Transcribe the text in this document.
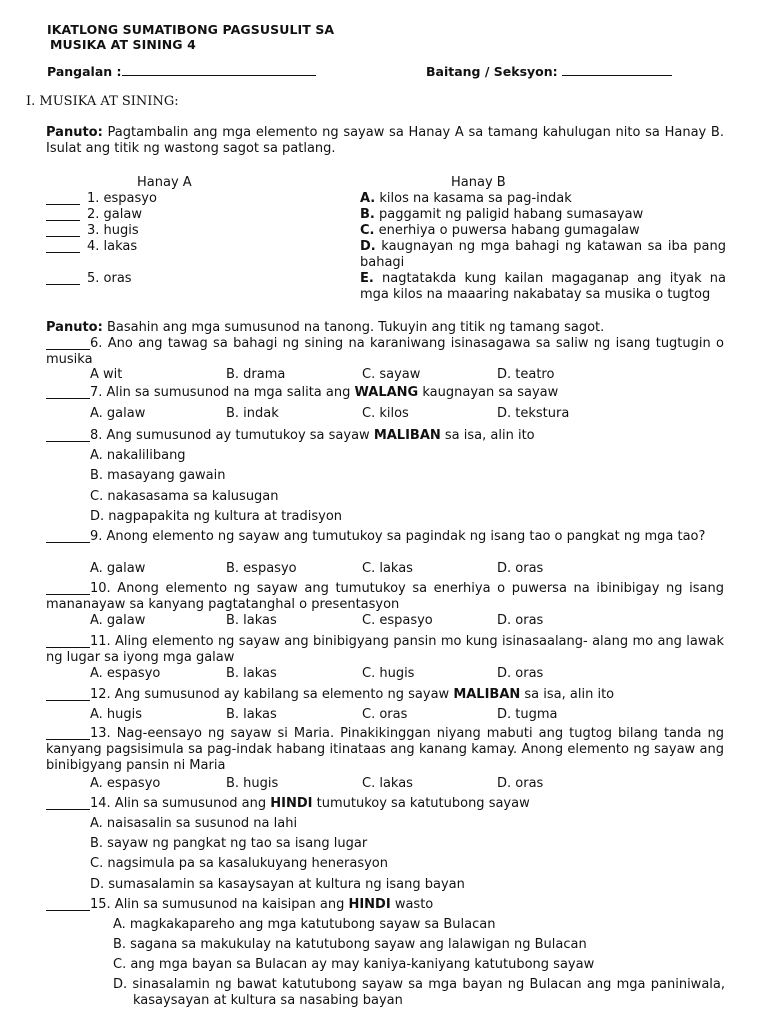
IKATLONG SUMATIBONG PAGSUSULIT SA
MUSIKA AT SINING 4
Pangalan :	Baitang / Seksyon:
I. MUSIKA AT SINING:
Panuto: Pagtambalin ang mga elemento ng sayaw sa Hanay A sa tamang kahulugan nito sa Hanay B. Isulat ang titik ng wastong sagot sa patlang.
Hanay A	Hanay B
1. espasyo	A. kilos na kasama sa pag-indak
2. galaw	B. paggamit ng paligid habang sumasayaw
3. hugis	C. enerhiya o puwersa habang gumagalaw
4. lakas	D. kaugnayan ng mga bahagi ng katawan sa iba pang bahagi
5. oras	E. nagtatakda kung kailan magaganap ang ityak na mga kilos na maaaring nakabatay sa musika o tugtog
Panuto: Basahin ang mga sumusunod na tanong. Tukuyin ang titik ng tamang sagot.
6. Ano ang tawag sa bahagi ng sining na karaniwang isinasagawa sa saliw ng isang tugtugin o musika
A wit	B. drama	C. sayaw	D. teatro
7. Alin sa sumusunod na mga salita ang WALANG kaugnayan sa sayaw
A. galaw	B. indak	C. kilos	D. tekstura
8. Ang sumusunod ay tumutukoy sa sayaw MALIBAN sa isa, alin ito
A. nakalilibang
B. masayang gawain
C. nakasasama sa kalusugan
D. nagpapakita ng kultura at tradisyon
9. Anong elemento ng sayaw ang tumutukoy sa pagindak ng isang tao o pangkat ng mga tao?
A. galaw	B. espasyo	C. lakas	D. oras
10. Anong elemento ng sayaw ang tumutukoy sa enerhiya o puwersa na ibinibigay ng isang mananayaw sa kanyang pagtatanghal o presentasyon
A. galaw	B. lakas	C. espasyo	D. oras
11. Aling elemento ng sayaw ang binibigyang pansin mo kung isinasaalang- alang mo ang lawak ng lugar sa iyong mga galaw
A. espasyo	B. lakas	C. hugis	D. oras
12. Ang sumusunod ay kabilang sa elemento ng sayaw MALIBAN sa isa, alin ito
A. hugis	B. lakas	C. oras	D. tugma
13. Nag-eensayo ng sayaw si Maria. Pinakikinggan niyang mabuti ang tugtog bilang tanda ng kanyang pagsisimula sa pag-indak habang itinataas ang kanang kamay. Anong elemento ng sayaw ang binibigyang pansin ni Maria
A. espasyo	B. hugis	C. lakas	D. oras
14. Alin sa sumusunod ang HINDI tumutukoy sa katutubong sayaw
A. naisasalin sa susunod na lahi
B. sayaw ng pangkat ng tao sa isang lugar
C. nagsimula pa sa kasalukuyang henerasyon
D. sumasalamin sa kasaysayan at kultura ng isang bayan
15. Alin sa sumusunod na kaisipan ang HINDI wasto
A. magkakapareho ang mga katutubong sayaw sa Bulacan
B. sagana sa makukulay na katutubong sayaw ang lalawigan ng Bulacan
C. ang mga bayan sa Bulacan ay may kaniya-kaniyang katutubong sayaw
D. sinasalamin ng bawat katutubong sayaw sa mga bayan ng Bulacan ang mga paniniwala, kasaysayan at kultura sa nasabing bayan
